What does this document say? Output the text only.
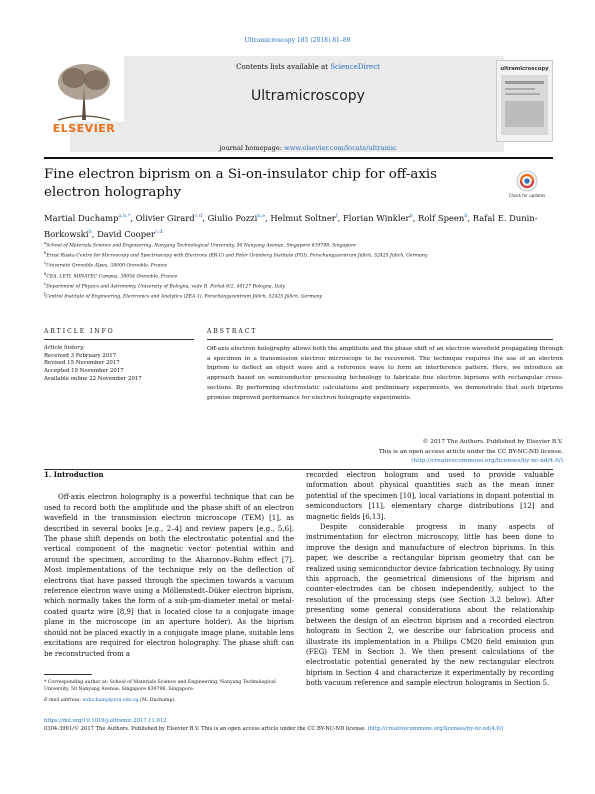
Ultramicroscopy 185 (2018) 81–89
ELSEVIER
Contents lists available at ScienceDirect
Ultramicroscopy
journal homepage: www.elsevier.com/locate/ultramic
ultramicroscopy
Fine electron biprism on a Si-on-insulator chip for off-axis electron holography	Check for updates
Martial Duchamp$^{a,b,*}$, Olivier Girard$^{c,d}$, Giulio Pozzi$^{b,e}$, Helmut Soltner$^f$, Florian Winkler$^b$, Rolf Speen$^b$, Rafal E. Dunin-Borkowski$^b$, David Cooper$^{c,d}$
$^a$School of Materials Science and Engineering, Nanyang Technological University, 50 Nanyang Avenue, Singapore 639798, Singapore
$^b$Ernst Ruska-Centre for Microscopy and Spectroscopy with Electrons (ER-C) and Peter Grünberg Institute (PGI), Forschungszentrum Jülich, 52425 Jülich, Germany
$^c$Université Grenoble Alpes, 38000 Grenoble, France
$^d$CEA, LETI, MINATEC Campus, 38054 Grenoble, France
$^e$Department of Physics and Astronomy, University of Bologna, viale B. Pichat 6/2, 40127 Bologna, Italy
$^f$Central Institute of Engineering, Electronics and Analytics (ZEA-1), Forschungszentrum Jülich, 52425 Jülich, Germany
ARTICLE INFO	ABSTRACT
Article history:
Received 3 February 2017
Revised 15 November 2017
Accepted 19 November 2017
Available online 22 November 2017
Off-axis electron holography allows both the amplitude and the phase shift of an electron wavefield propagating through a specimen in a transmission electron microscope to be recovered. The technique requires the use of an electron biprism to deflect an object wave and a reference wave to form an interference pattern. Here, we introduce an approach based on semiconductor processing technology to fabricate fine electron biprisms with rectangular cross-sections. By performing electrostatic calculations and preliminary experiments, we demonstrate that such biprisms promise improved performance for electron holography experiments.
© 2017 The Authors. Published by Elsevier B.V.
This is an open access article under the CC BY-NC-ND license.
(http://creativecommons.org/licenses/by-nc-nd/4.0/)
1. Introduction

Off-axis electron holography is a powerful technique that can be used to record both the amplitude and the phase shift of an electron wavefield in the transmission electron microscope (TEM) [1], as described in several books [e.g., 2–4] and review papers [e.g., 5,6]. The phase shift depends on both the electrostatic potential and the vertical component of the magnetic vector potential within and around the specimen, according to the Aharonov–Bohm effect [7]. Most implementations of the technique rely on the deflection of electrons that have passed through the specimen towards a vacuum reference electron wave using a Möllenstedt–Düker electron biprism, which normally takes the form of a sub-μm-diameter metal or metal-coated quartz wire [8,9] that is located close to a conjugate image plane in the microscope (in an aperture holder). As the biprism should not be placed exactly in a conjugate image plane, suitable lens excitations are required for electron holography. The phase shift can be reconstructed from a

recorded electron hologram and used to provide valuable information about physical quantities such as the mean inner potential of the specimen [10], local variations in dopant potential in semiconductors [11], elementary charge distributions [12] and magnetic fields [6,13].

Despite considerable progress in many aspects of instrumentation for electron microscopy, little has been done to improve the design and manufacture of electron biprisms. In this paper, we describe a rectangular biprism geometry that can be realized using semiconductor device fabrication technology. By using this approach, the geometrical dimensions of the biprism and counter-electrodes can be chosen independently, subject to the resolution of the processing steps (see Section 3.2 below). After presenting some general considerations about the relationship between the design of an electron biprism and a recorded electron hologram in Section 2, we describe our fabrication process and illustrate its implementation in a Philips CM20 field emission gun (FEG) TEM in Section 3. We then present calculations of the electrostatic potential generated by the new rectangular electron biprism in Section 4 and characterize it experimentally by recording both vacuum reference and sample electron holograms in Section 5.

* Corresponding author at: School of Materials Science and Engineering, Nanyang Technological University, 50 Nanyang Avenue, Singapore 639798, Singapore.
E-mail address: mduchamp@ntu.edu.sg (M. Duchamp).
https://doi.org/10.1016/j.ultramic.2017.11.012
0304-3991/© 2017 The Authors. Published by Elsevier B.V. This is an open access article under the CC BY-NC-ND license. (http://creativecommons.org/licenses/by-nc-nd/4.0/)
